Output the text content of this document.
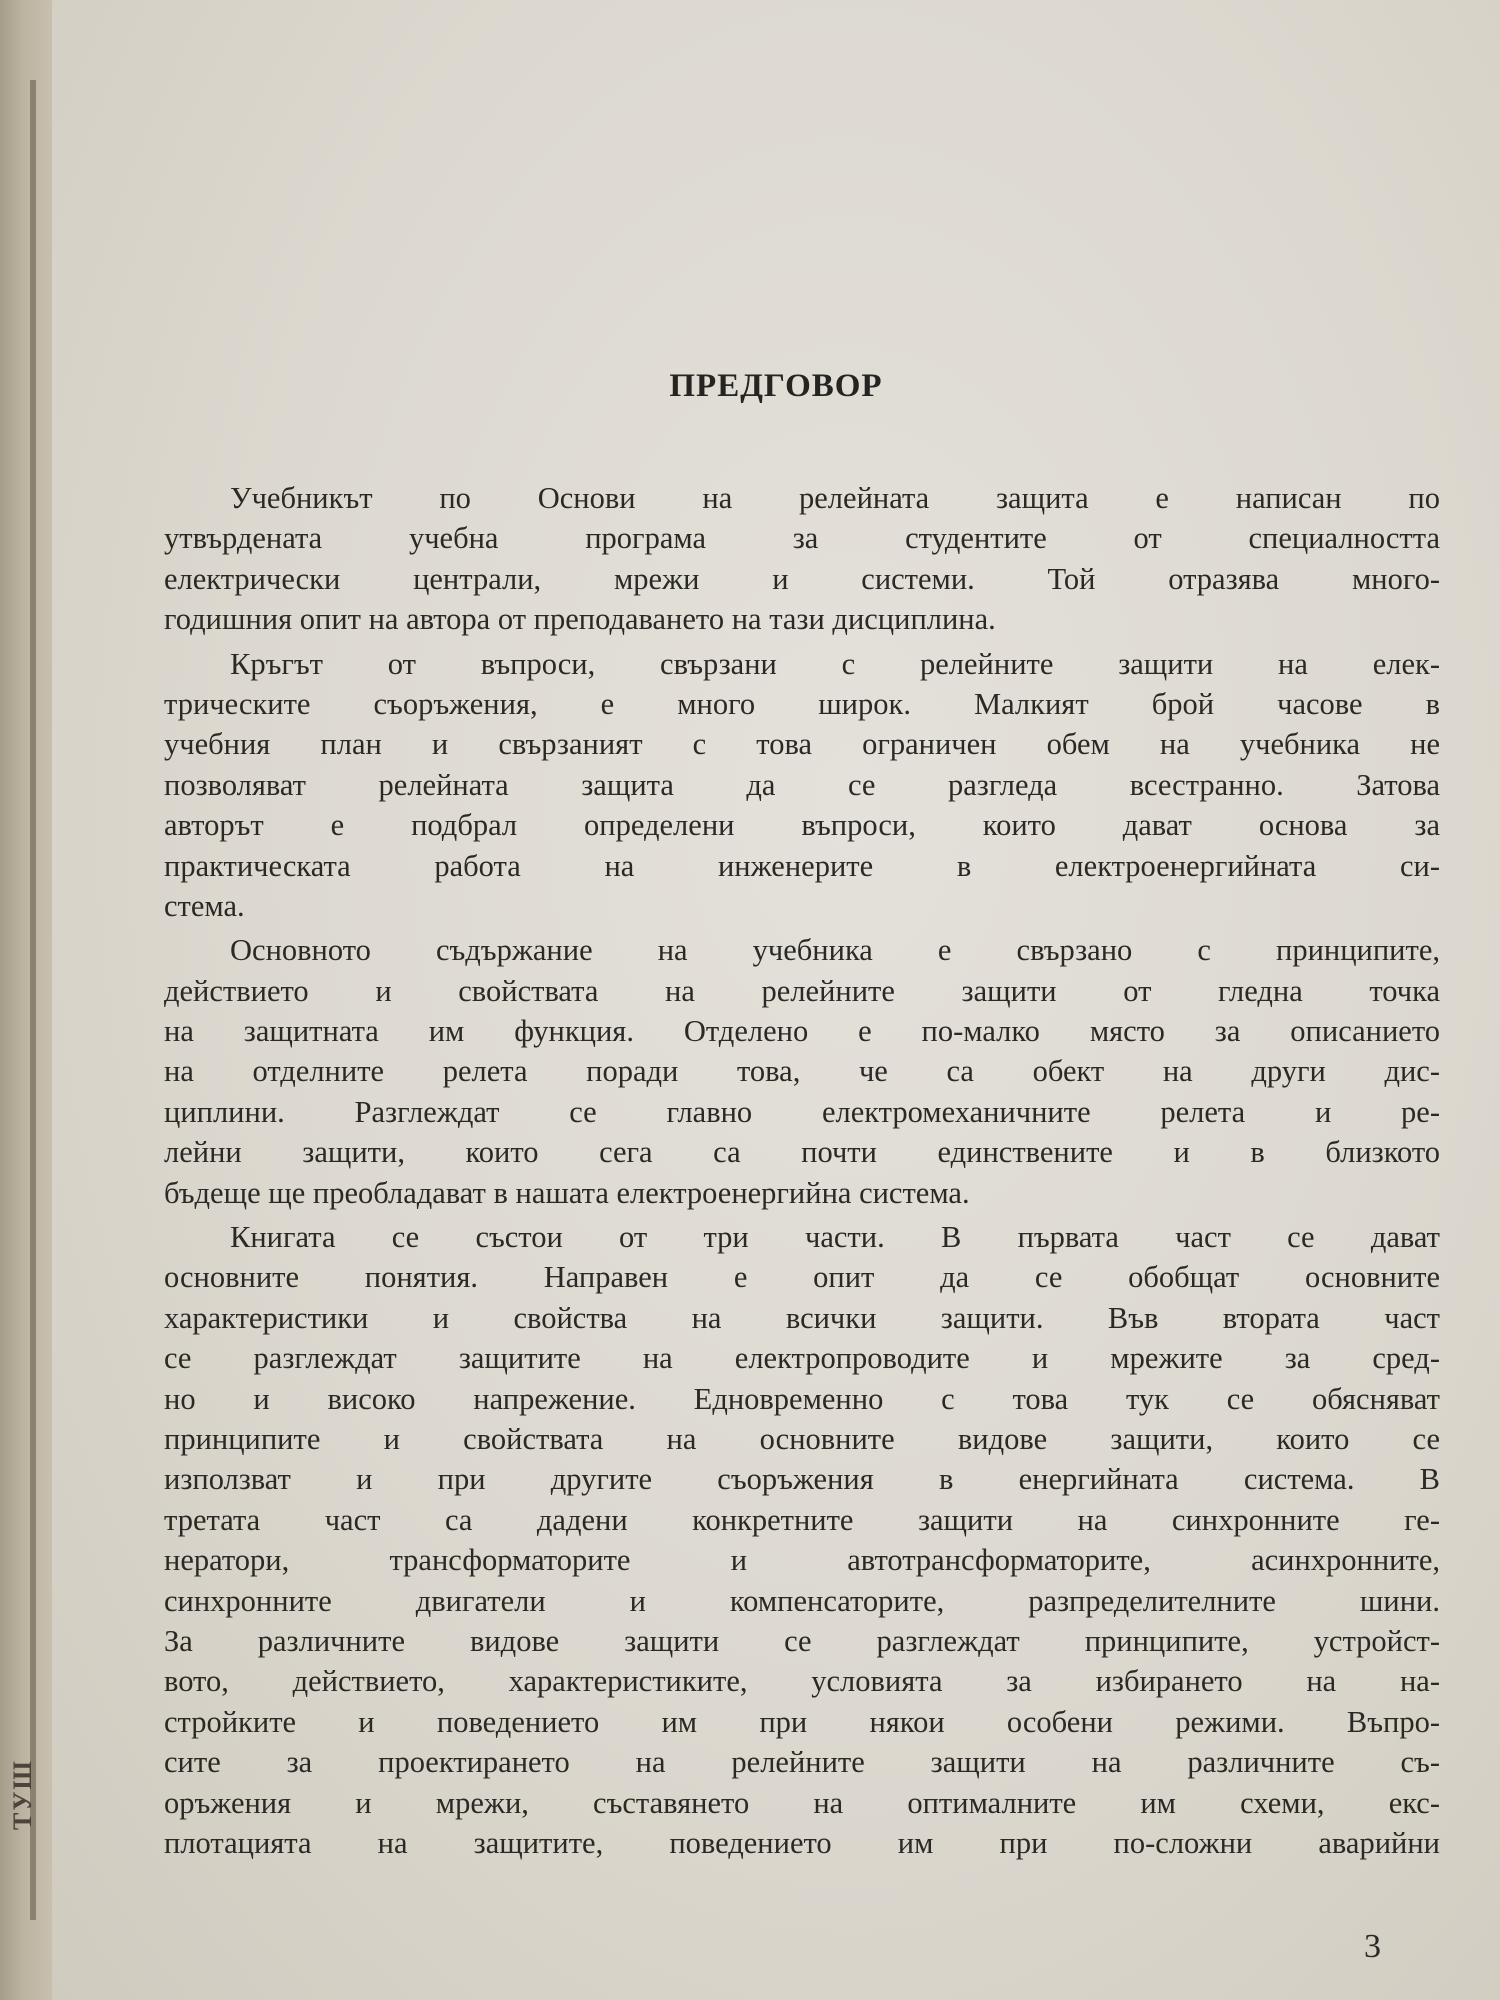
ТУШ
ПРЕДГОВОР
Учебникът по Основи на релейната защита е написан по
утвърдената учебна програма за студентите от специалността
електрически централи, мрежи и системи. Той отразява много-
годишния опит на автора от преподаването на тази дисциплина.
Кръгът от въпроси, свързани с релейните защити на елек-
трическите съоръжения, е много широк. Малкият брой часове в
учебния план и свързаният с това ограничен обем на учебника не
позволяват релейната защита да се разгледа всестранно. Затова
авторът е подбрал определени въпроси, които дават основа за
практическата работа на инженерите в електроенергийната си-
стема.
Основното съдържание на учебника е свързано с принципите,
действието и свойствата на релейните защити от гледна точка
на защитната им функция. Отделено е по-малко място за описанието
на отделните релета поради това, че са обект на други дис-
циплини. Разглеждат се главно електромеханичните релета и ре-
лейни защити, които сега са почти единствените и в близкото
бъдеще ще преобладават в нашата електроенергийна система.
Книгата се състои от три части. В първата част се дават
основните понятия. Направен е опит да се обобщат основните
характеристики и свойства на всички защити. Във втората част
се разглеждат защитите на електропроводите и мрежите за сред-
но и високо напрежение. Едновременно с това тук се обясняват
принципите и свойствата на основните видове защити, които се
използват и при другите съоръжения в енергийната система. В
третата част са дадени конкретните защити на синхронните ге-
нератори, трансформаторите и автотрансформаторите, асинхронните,
синхронните двигатели и компенсаторите, разпределителните шини.
За различните видове защити се разглеждат принципите, устройст-
вото, действието, характеристиките, условията за избирането на на-
стройките и поведението им при някои особени режими. Въпро-
сите за проектирането на релейните защити на различните съ-
оръжения и мрежи, съставянето на оптималните им схеми, екс-
плотацията на защитите, поведението им при по-сложни аварийни
3
